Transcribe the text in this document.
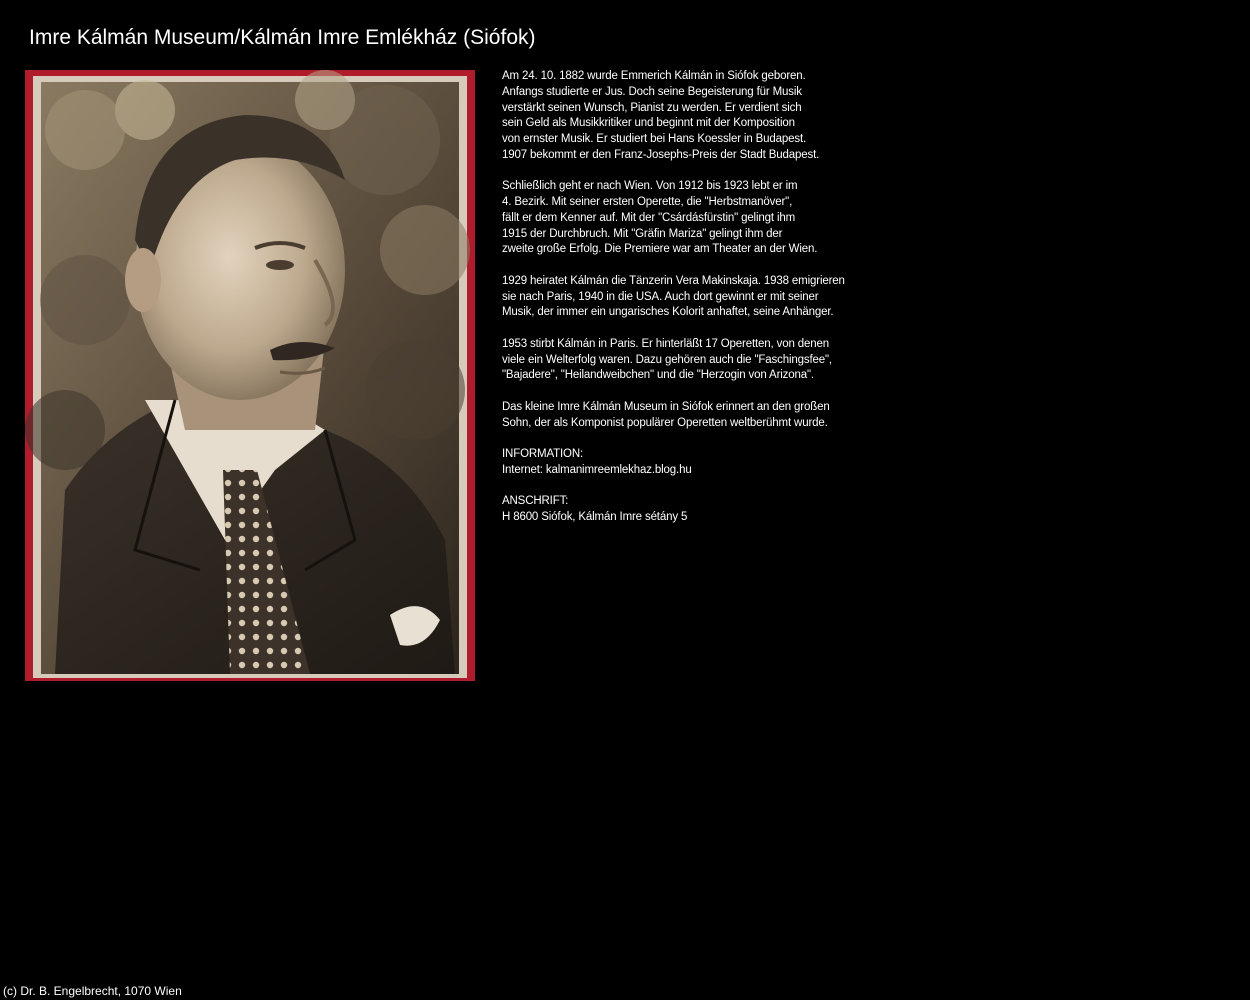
Imre Kálmán Museum/Kálmán Imre Emlékház (Siófok)
Am 24. 10. 1882 wurde Emmerich Kálmán in Siófok geboren.
Anfangs studierte er Jus. Doch seine Begeisterung für Musik
verstärkt seinen Wunsch, Pianist zu werden. Er verdient sich
sein Geld als Musikkritiker und beginnt mit der Komposition
von ernster Musik. Er studiert bei Hans Koessler in Budapest.
1907 bekommt er den Franz-Josephs-Preis der Stadt Budapest.
Schließlich geht er nach Wien. Von 1912 bis 1923 lebt er im
4. Bezirk. Mit seiner ersten Operette, die "Herbstmanöver",
fällt er dem Kenner auf. Mit der "Csárdásfürstin" gelingt ihm
1915 der Durchbruch. Mit "Gräfin Mariza" gelingt ihm der
zweite große Erfolg. Die Premiere war am Theater an der Wien.
1929 heiratet Kálmán die Tänzerin Vera Makinskaja. 1938 emigrieren
sie nach Paris, 1940 in die USA. Auch dort gewinnt er mit seiner
Musik, der immer ein ungarisches Kolorit anhaftet, seine Anhänger.
1953 stirbt Kálmán in Paris. Er hinterläßt 17 Operetten, von denen
viele ein Welterfolg waren. Dazu gehören auch die "Faschingsfee",
"Bajadere", "Heilandweibchen" und die "Herzogin von Arizona".
Das kleine Imre Kálmán Museum in Siófok erinnert an den großen
Sohn, der als Komponist populärer Operetten weltberühmt wurde.
INFORMATION:
Internet: kalmanimreemlekhaz.blog.hu
ANSCHRIFT:
H 8600 Siófok, Kálmán Imre sétány 5
(c) Dr. B. Engelbrecht, 1070 Wien
